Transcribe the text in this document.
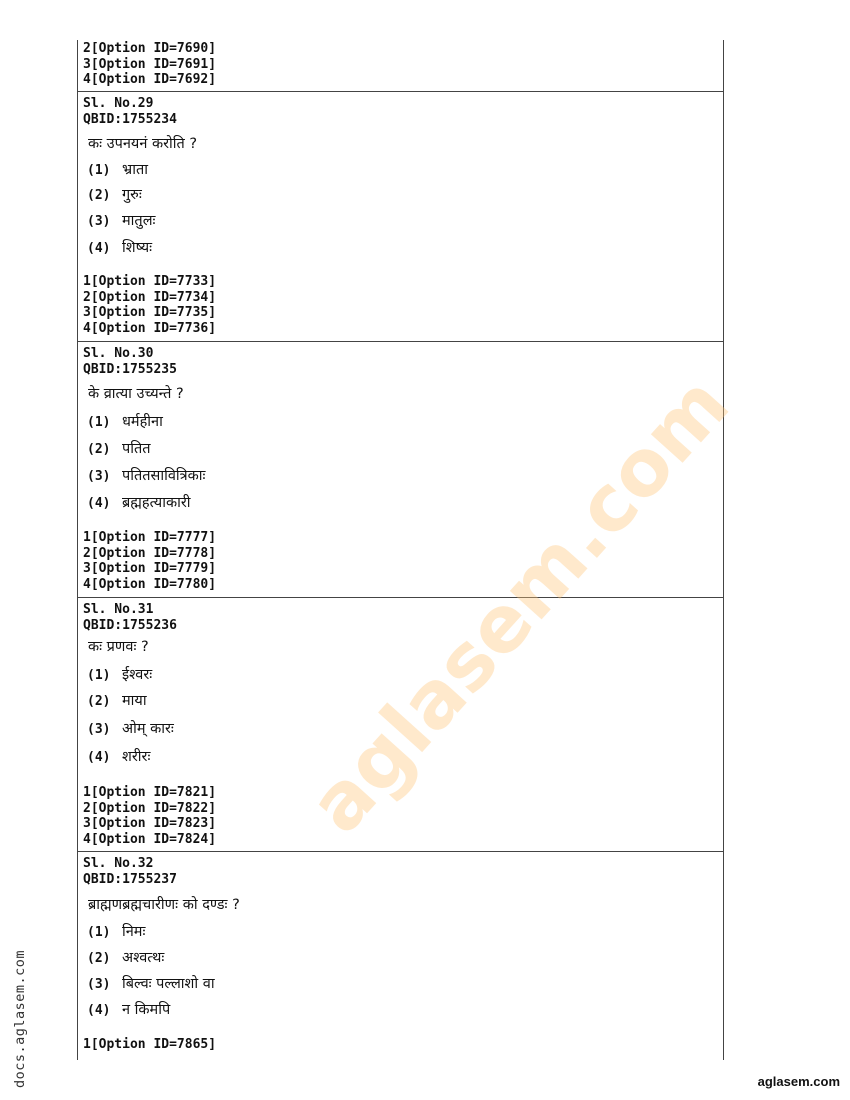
2[Option ID=7690]
3[Option ID=7691]
4[Option ID=7692]
Sl. No.29
QBID:1755234
कः उपनयनं करोति ?
(1) भ्राता
(2) गुरुः
(3) मातुलः
(4) शिष्यः
1[Option ID=7733]
2[Option ID=7734]
3[Option ID=7735]
4[Option ID=7736]
Sl. No.30
QBID:1755235
के व्रात्या उच्यन्ते ?
(1) धर्महीना
(2) पतित
(3) पतितसावित्रिकाः
(4) ब्रह्महत्याकारी
1[Option ID=7777]
2[Option ID=7778]
3[Option ID=7779]
4[Option ID=7780]
Sl. No.31
QBID:1755236
कः प्रणवः ?
(1) ईश्वरः
(2) माया
(3) ओम् कारः
(4) शरीरः
1[Option ID=7821]
2[Option ID=7822]
3[Option ID=7823]
4[Option ID=7824]
Sl. No.32
QBID:1755237
ब्राह्मणब्रह्मचारीणः को दण्डः ?
(1) निमः
(2) अश्वत्थः
(3) बिल्वः पल्लाशो वा
(4) न किमपि
1[Option ID=7865]
aglasem.com
docs.aglasem.com	aglasem.com
